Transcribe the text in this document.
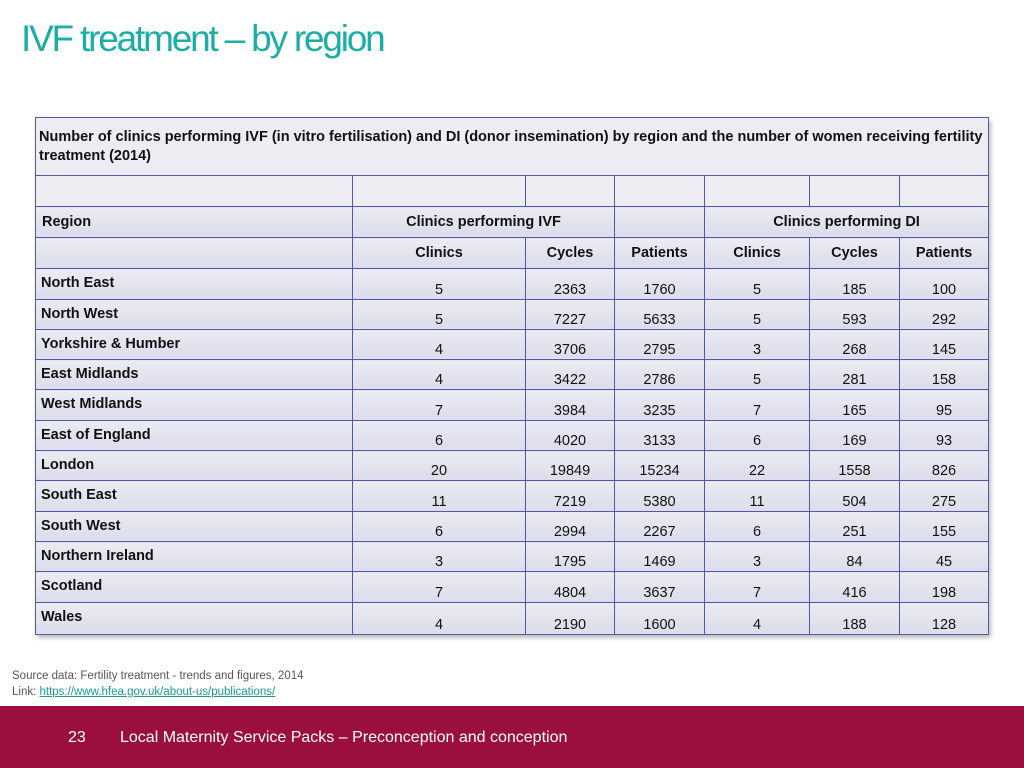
IVF treatment – by region
Number of clinics performing IVF (in vitro fertilisation) and DI (donor insemination) by region and the number of women receiving fertility treatment (2014)						

Region	Clinics performing IVF			Clinics performing DI		
	Clinics	Cycles	Patients	Clinics	Cycles	Patients
North East	5	2363	1760	5	185	100
North West	5	7227	5633	5	593	292
Yorkshire & Humber	4	3706	2795	3	268	145
East Midlands	4	3422	2786	5	281	158
West Midlands	7	3984	3235	7	165	95
East of England	6	4020	3133	6	169	93
London	20	19849	15234	22	1558	826
South East	11	7219	5380	11	504	275
South West	6	2994	2267	6	251	155
Northern Ireland	3	1795	1469	3	84	45
Scotland	7	4804	3637	7	416	198
Wales	4	2190	1600	4	188	128
Source data: Fertility treatment - trends and figures, 2014
Link: https://www.hfea.gov.uk/about-us/publications/
23 Local Maternity Service Packs – Preconception and conception
